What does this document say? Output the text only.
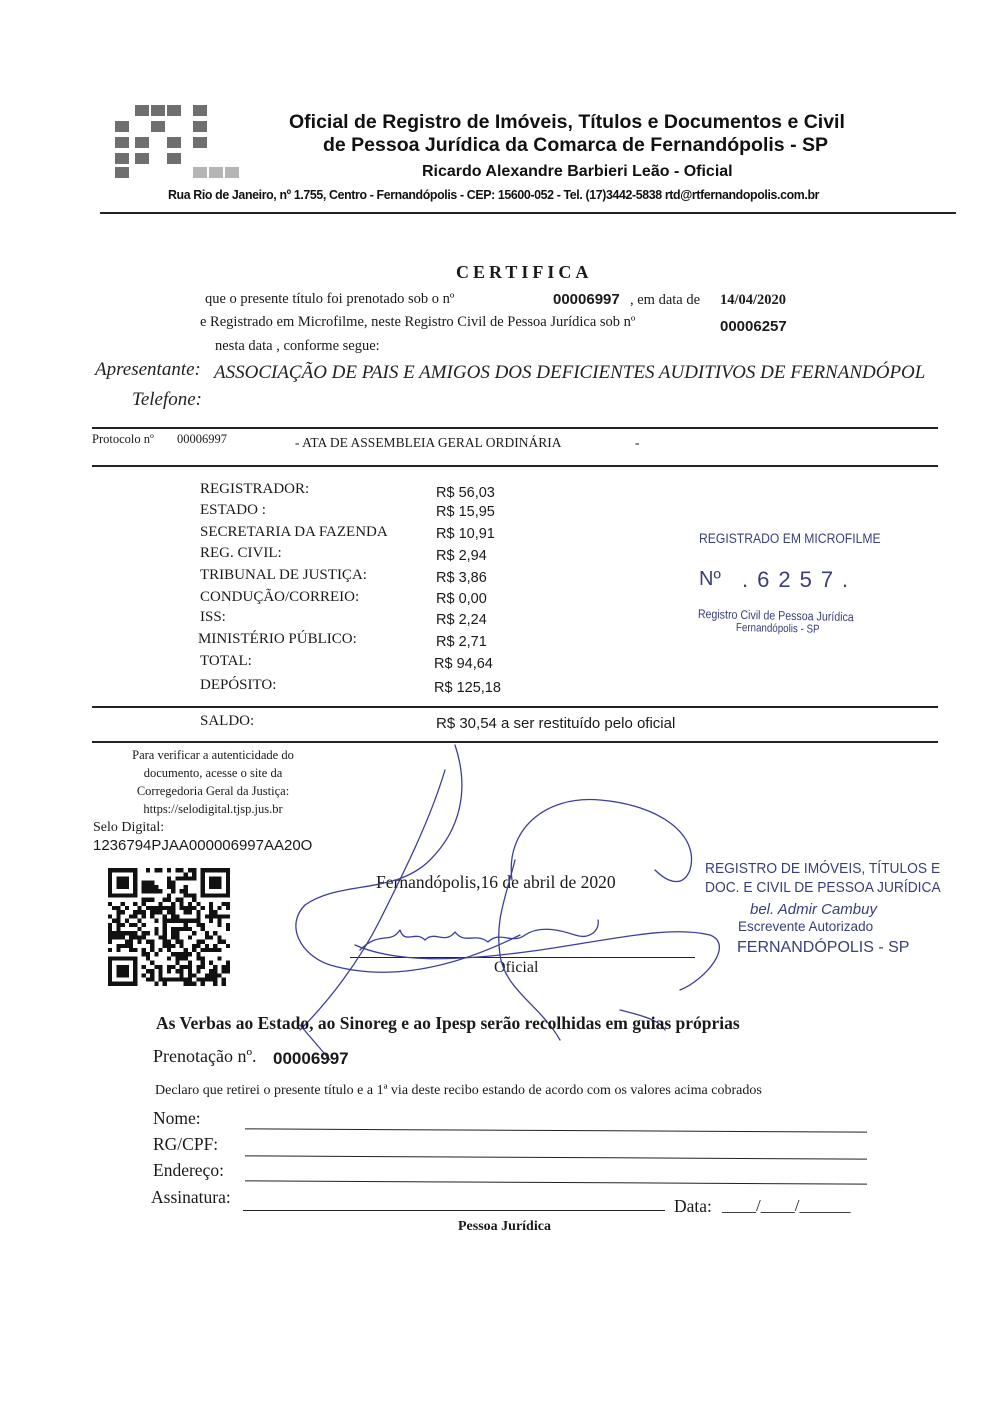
Oficial de Registro de Imóveis, Títulos e Documentos e Civil
de Pessoa Jurídica da Comarca de Fernandópolis - SP
Ricardo Alexandre Barbieri Leão - Oficial
Rua Rio de Janeiro, nº 1.755, Centro - Fernandópolis - CEP: 15600-052 - Tel. (17)3442-5838 rtd@rtfernandopolis.com.br
CERTIFICA
que o presente título foi prenotado sob o nº	00006997 , em data de 14/04/2020
e Registrado em Microfilme, neste Registro Civil de Pessoa Jurídica sob nº	00006257
nesta data , conforme segue:
Apresentante: ASSOCIAÇÃO DE PAIS E AMIGOS DOS DEFICIENTES AUDITIVOS DE FERNANDÓPOL
Telefone:
Protocolo nº 00006997	- ATA DE ASSEMBLEIA GERAL ORDINÁRIA	-
REGISTRADOR:	R$ 56,03
ESTADO :	R$ 15,95
SECRETARIA DA FAZENDA	R$ 10,91
REG. CIVIL:	R$ 2,94
TRIBUNAL DE JUSTIÇA:	R$ 3,86
CONDUÇÃO/CORREIO:	R$ 0,00
ISS:	R$ 2,24
MINISTÉRIO PÚBLICO:	R$ 2,71
TOTAL:	R$ 94,64
DEPÓSITO:	R$ 125,18
REGISTRADO EM MICROFILME
Nº .6257.
Registro Civil de Pessoa Jurídica
Fernandópolis - SP
SALDO:	R$ 30,54 a ser restituído pelo oficial
Para verificar a autenticidade do
documento, acesse o site da
Corregedoria Geral da Justiça:
https://selodigital.tjsp.jus.br
Selo Digital:
1236794PJAA000006997AA20O
Fernandópolis,16 de abril de 2020
Oficial
REGISTRO DE IMÓVEIS, TÍTULOS E
DOC. E CIVIL DE PESSOA JURÍDICA
bel. Admir Cambuy
Escrevente Autorizado
FERNANDÓPOLIS - SP
As Verbas ao Estado, ao Sinoreg e ao Ipesp serão recolhidas em guias próprias
Prenotação nº. 00006997
Declaro que retirei o presente título e a 1ª via deste recibo estando de acordo com os valores acima cobrados
Nome:
RG/CPF:
Endereço:
Assinatura:	Data: ____/____/______
Pessoa Jurídica
